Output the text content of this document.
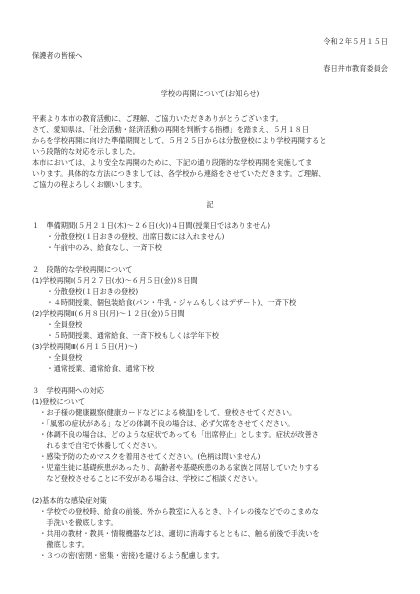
令和２年５月１５日
保護者の皆様へ
春日井市教育委員会
学校の再開について(お知らせ)

平素より本市の教育活動に、ご理解、ご協力いただきありがとうございます。

さて、愛知県は、「社会活動・経済活動の再開を判断する指標」を踏まえ、５月１８日

からを学校再開に向けた準備期間として、５月２５日からは分散登校により学校再開すると

いう段階的な対応を示しました。

本市においては、より安全な再開のために、下記の通り段階的な学校再開を実施してま

いります。具体的な方法につきましては、各学校から連絡をさせていただきます。ご理解、

ご協力の程よろしくお願いします。

記
１　準備期間(５月２１日(木)～２６日(火))４日間(授業日ではありません)
　　・分散登校(１日おきの登校、出席日数には入れません)
　　・午前中のみ、給食なし、一斉下校
２　段階的な学校再開について
(1)学校再開Ⅰ(５月２７日(水)～６月５日(金))８日間
　　・分散登校(１日おきの登校)
　　・４時間授業、個包装給食(パン・牛乳・ジャムもしくはデザート)、一斉下校
(2)学校再開Ⅱ(６月８日(月)～１２日(金))５日間
　　・全員登校
　　・５時間授業、通常給食、一斉下校もしくは学年下校
(3)学校再開Ⅲ(６月１５日(月)～)
　　・全員登校
　　・通常授業、通常給食、通常下校
３　学校再開への対応
(1)登校について
　・お子様の健康観察(健康カードなどによる検温)をして、登校させてください。
　・「風邪の症状がある」などの体調不良の場合は、必ず欠席をさせてください。
　・体調不良の場合は、どのような症状であっても「出席停止」とします。症状が改善さ
　　れるまで自宅で休養してください。
　・感染予防のためマスクを着用させてください。(色柄は問いません)
　・児童生徒に基礎疾患があったり、高齢者や基礎疾患のある家族と同居していたりする
　　など登校させることに不安がある場合は、学校にご相談ください。
(2)基本的な感染症対策
　・学校での登校時、給食の前後、外から教室に入るとき、トイレの後などでのこまめな
　　手洗いを徹底します。
　・共用の教材・教具・情報機器などは、適切に消毒するとともに、触る前後で手洗いを
　　徹底します。
　・３つの密(密閉・密集・密接)を避けるよう配慮します。
